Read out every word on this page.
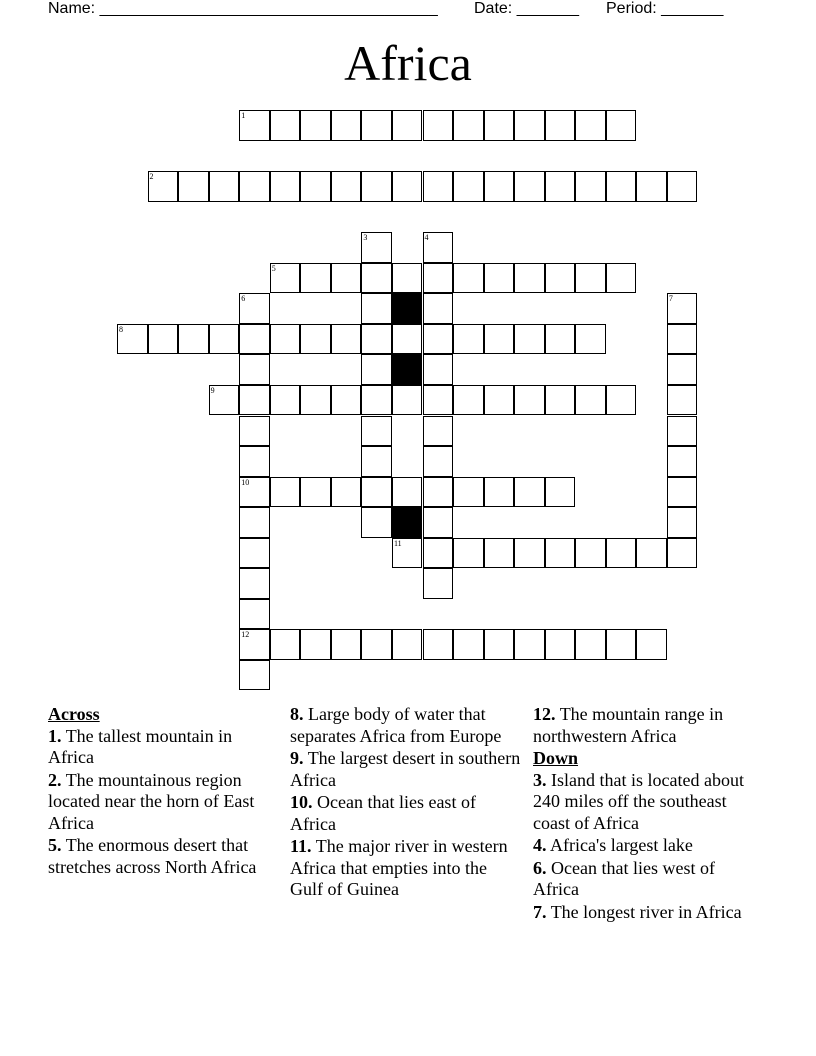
Name: ______________________________________

Date: _______

Period: _______

Africa
1
2
5
8
9
10
11
12
3	4
6	7
Across
1. The tallest mountain in Africa
2. The mountainous region located near the horn of East Africa
5. The enormous desert that stretches across North Africa
8. Large body of water that separates Africa from Europe
9. The largest desert in southern Africa
10. Ocean that lies east of Africa
11. The major river in western Africa that empties into the Gulf of Guinea
12. The mountain range in northwestern Africa
Down
3. Island that is located about 240 miles off the southeast coast of Africa
4. Africa's largest lake
6. Ocean that lies west of Africa
7. The longest river in Africa
